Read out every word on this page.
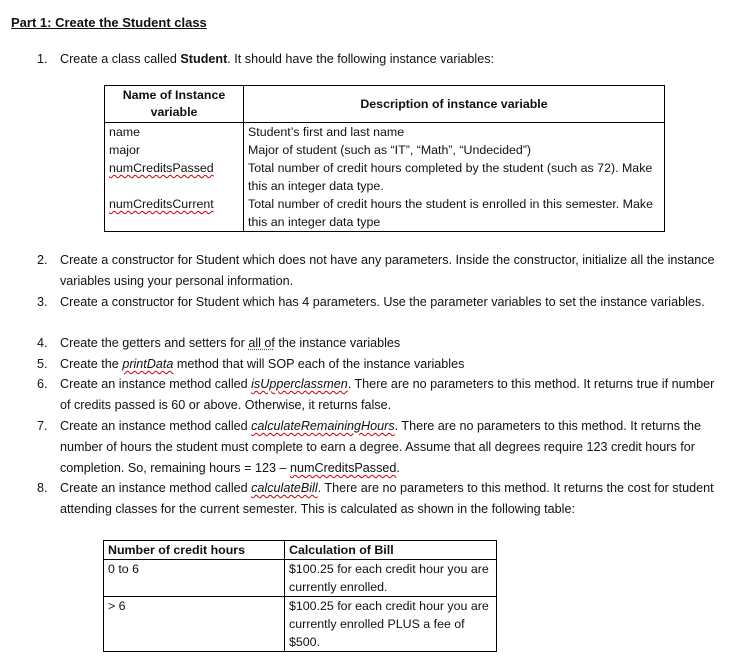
Part 1: Create the Student class
1. Create a class called Student. It should have the following instance variables:
Name of Instance variable	Description of instance variable
name	Student’s first and last name
major	Major of student (such as “IT”, “Math”, “Undecided”)
numCreditsPassed	Total number of credit hours completed by the student (such as 72). Make this an integer data type.
numCreditsCurrent	Total number of credit hours the student is enrolled in this semester. Make this an integer data type
2. Create a constructor for Student which does not have any parameters. Inside the constructor, initialize all the instance variables using your personal information.
3. Create a constructor for Student which has 4 parameters. Use the parameter variables to set the instance variables.
4. Create the getters and setters for all of the instance variables
5. Create the printData method that will SOP each of the instance variables
6. Create an instance method called isUpperclassmen. There are no parameters to this method. It returns true if number of credits passed is 60 or above. Otherwise, it returns false.
7. Create an instance method called calculateRemainingHours. There are no parameters to this method. It returns the number of hours the student must complete to earn a degree. Assume that all degrees require 123 credit hours for completion. So, remaining hours = 123 – numCreditsPassed.
8. Create an instance method called calculateBill. There are no parameters to this method. It returns the cost for student attending classes for the current semester. This is calculated as shown in the following table:
Number of credit hours	Calculation of Bill
0 to 6	$100.25 for each credit hour you are currently enrolled.
> 6	$100.25 for each credit hour you are currently enrolled PLUS a fee of $500.
